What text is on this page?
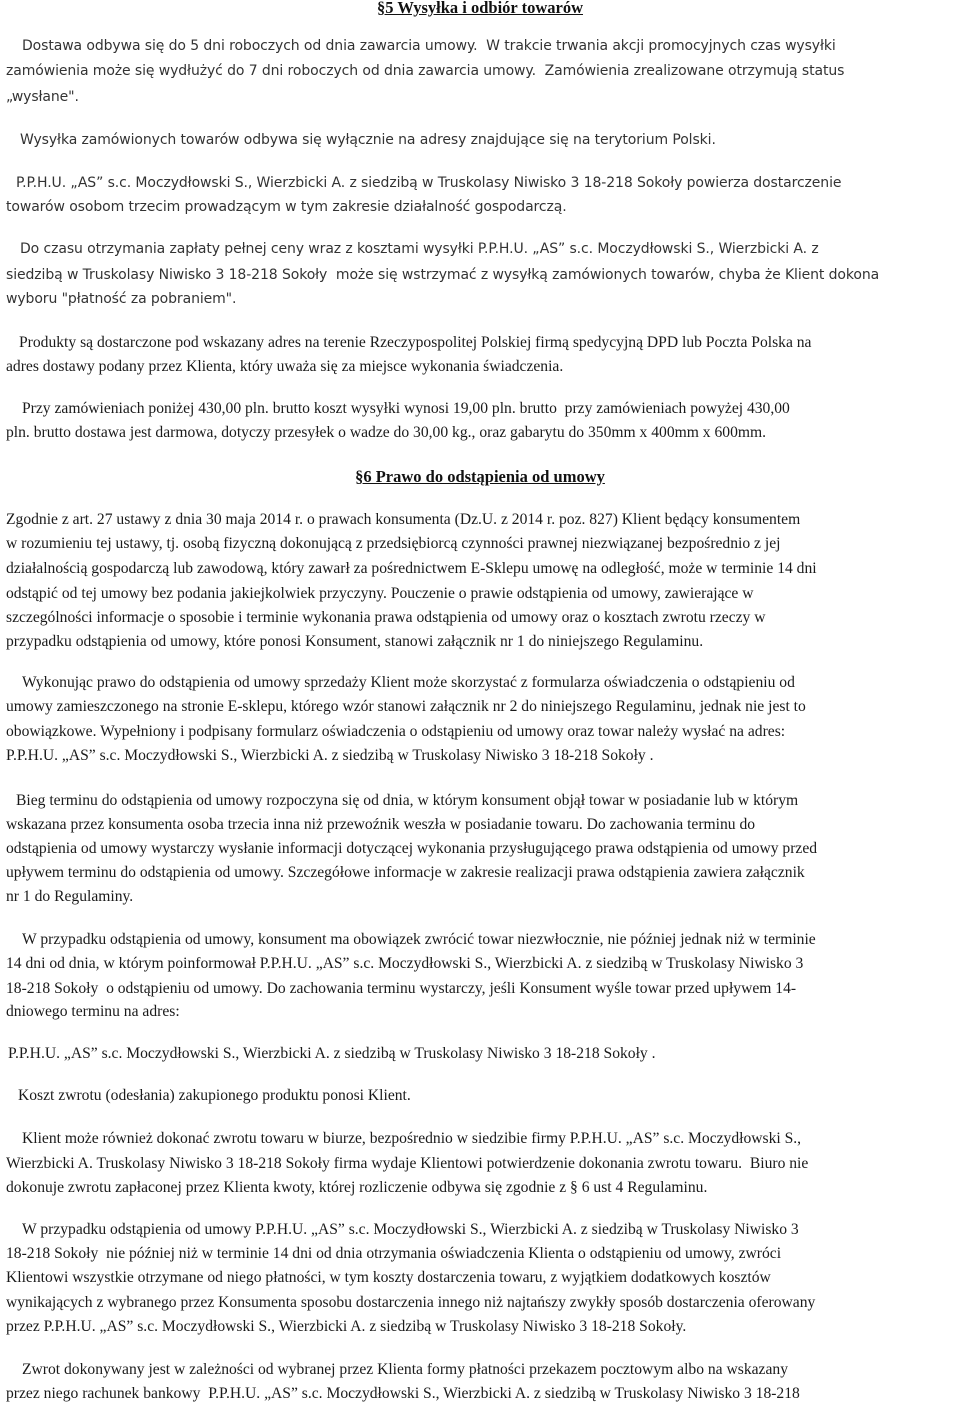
§5 Wysyłka i odbiór towarów
Dostawa odbywa się do 5 dni roboczych od dnia zawarcia umowy.  W trakcie trwania akcji promocyjnych czas wysyłki
zamówienia może się wydłużyć do 7 dni roboczych od dnia zawarcia umowy.  Zamówienia zrealizowane otrzymują status
„wysłane".
Wysyłka zamówionych towarów odbywa się wyłącznie na adresy znajdujące się na terytorium Polski.
P.P.H.U. „AS” s.c. Moczydłowski S., Wierzbicki A. z siedzibą w Truskolasy Niwisko 3 18-218 Sokoły powierza dostarczenie
towarów osobom trzecim prowadzącym w tym zakresie działalność gospodarczą.
Do czasu otrzymania zapłaty pełnej ceny wraz z kosztami wysyłki P.P.H.U. „AS” s.c. Moczydłowski S., Wierzbicki A. z
siedzibą w Truskolasy Niwisko 3 18-218 Sokoły  może się wstrzymać z wysyłką zamówionych towarów, chyba że Klient dokona
wyboru "płatność za pobraniem".
Produkty są dostarczone pod wskazany adres na terenie Rzeczypospolitej Polskiej firmą spedycyjną DPD lub Poczta Polska na
adres dostawy podany przez Klienta, który uważa się za miejsce wykonania świadczenia.
Przy zamówieniach poniżej 430,00 pln. brutto koszt wysyłki wynosi 19,00 pln. brutto  przy zamówieniach powyżej 430,00
pln. brutto dostawa jest darmowa, dotyczy przesyłek o wadze do 30,00 kg., oraz gabarytu do 350mm x 400mm x 600mm.
§6 Prawo do odstąpienia od umowy
Zgodnie z art. 27 ustawy z dnia 30 maja 2014 r. o prawach konsumenta (Dz.U. z 2014 r. poz. 827) Klient będący konsumentem
w rozumieniu tej ustawy, tj. osobą fizyczną dokonującą z przedsiębiorcą czynności prawnej niezwiązanej bezpośrednio z jej
działalnością gospodarczą lub zawodową, który zawarł za pośrednictwem E-Sklepu umowę na odległość, może w terminie 14 dni
odstąpić od tej umowy bez podania jakiejkolwiek przyczyny. Pouczenie o prawie odstąpienia od umowy, zawierające w
szczególności informacje o sposobie i terminie wykonania prawa odstąpienia od umowy oraz o kosztach zwrotu rzeczy w
przypadku odstąpienia od umowy, które ponosi Konsument, stanowi załącznik nr 1 do niniejszego Regulaminu.
Wykonując prawo do odstąpienia od umowy sprzedaży Klient może skorzystać z formularza oświadczenia o odstąpieniu od
umowy zamieszczonego na stronie E-sklepu, którego wzór stanowi załącznik nr 2 do niniejszego Regulaminu, jednak nie jest to
obowiązkowe. Wypełniony i podpisany formularz oświadczenia o odstąpieniu od umowy oraz towar należy wysłać na adres:
P.P.H.U. „AS” s.c. Moczydłowski S., Wierzbicki A. z siedzibą w Truskolasy Niwisko 3 18-218 Sokoły .
Bieg terminu do odstąpienia od umowy rozpoczyna się od dnia, w którym konsument objął towar w posiadanie lub w którym
wskazana przez konsumenta osoba trzecia inna niż przewoźnik weszła w posiadanie towaru. Do zachowania terminu do
odstąpienia od umowy wystarczy wysłanie informacji dotyczącej wykonania przysługującego prawa odstąpienia od umowy przed
upływem terminu do odstąpienia od umowy. Szczegółowe informacje w zakresie realizacji prawa odstąpienia zawiera załącznik
nr 1 do Regulaminy.
W przypadku odstąpienia od umowy, konsument ma obowiązek zwrócić towar niezwłocznie, nie później jednak niż w terminie
14 dni od dnia, w którym poinformował P.P.H.U. „AS” s.c. Moczydłowski S., Wierzbicki A. z siedzibą w Truskolasy Niwisko 3
18-218 Sokoły  o odstąpieniu od umowy. Do zachowania terminu wystarczy, jeśli Konsument wyśle towar przed upływem 14-
dniowego terminu na adres:
P.P.H.U. „AS” s.c. Moczydłowski S., Wierzbicki A. z siedzibą w Truskolasy Niwisko 3 18-218 Sokoły .
Koszt zwrotu (odesłania) zakupionego produktu ponosi Klient.
Klient może również dokonać zwrotu towaru w biurze, bezpośrednio w siedzibie firmy P.P.H.U. „AS” s.c. Moczydłowski S.,
Wierzbicki A. Truskolasy Niwisko 3 18-218 Sokoły firma wydaje Klientowi potwierdzenie dokonania zwrotu towaru.  Biuro nie
dokonuje zwrotu zapłaconej przez Klienta kwoty, której rozliczenie odbywa się zgodnie z § 6 ust 4 Regulaminu.
W przypadku odstąpienia od umowy P.P.H.U. „AS” s.c. Moczydłowski S., Wierzbicki A. z siedzibą w Truskolasy Niwisko 3
18-218 Sokoły  nie później niż w terminie 14 dni od dnia otrzymania oświadczenia Klienta o odstąpieniu od umowy, zwróci
Klientowi wszystkie otrzymane od niego płatności, w tym koszty dostarczenia towaru, z wyjątkiem dodatkowych kosztów
wynikających z wybranego przez Konsumenta sposobu dostarczenia innego niż najtańszy zwykły sposób dostarczenia oferowany
przez P.P.H.U. „AS” s.c. Moczydłowski S., Wierzbicki A. z siedzibą w Truskolasy Niwisko 3 18-218 Sokoły.
Zwrot dokonywany jest w zależności od wybranej przez Klienta formy płatności przekazem pocztowym albo na wskazany
przez niego rachunek bankowy  P.P.H.U. „AS” s.c. Moczydłowski S., Wierzbicki A. z siedzibą w Truskolasy Niwisko 3 18-218
